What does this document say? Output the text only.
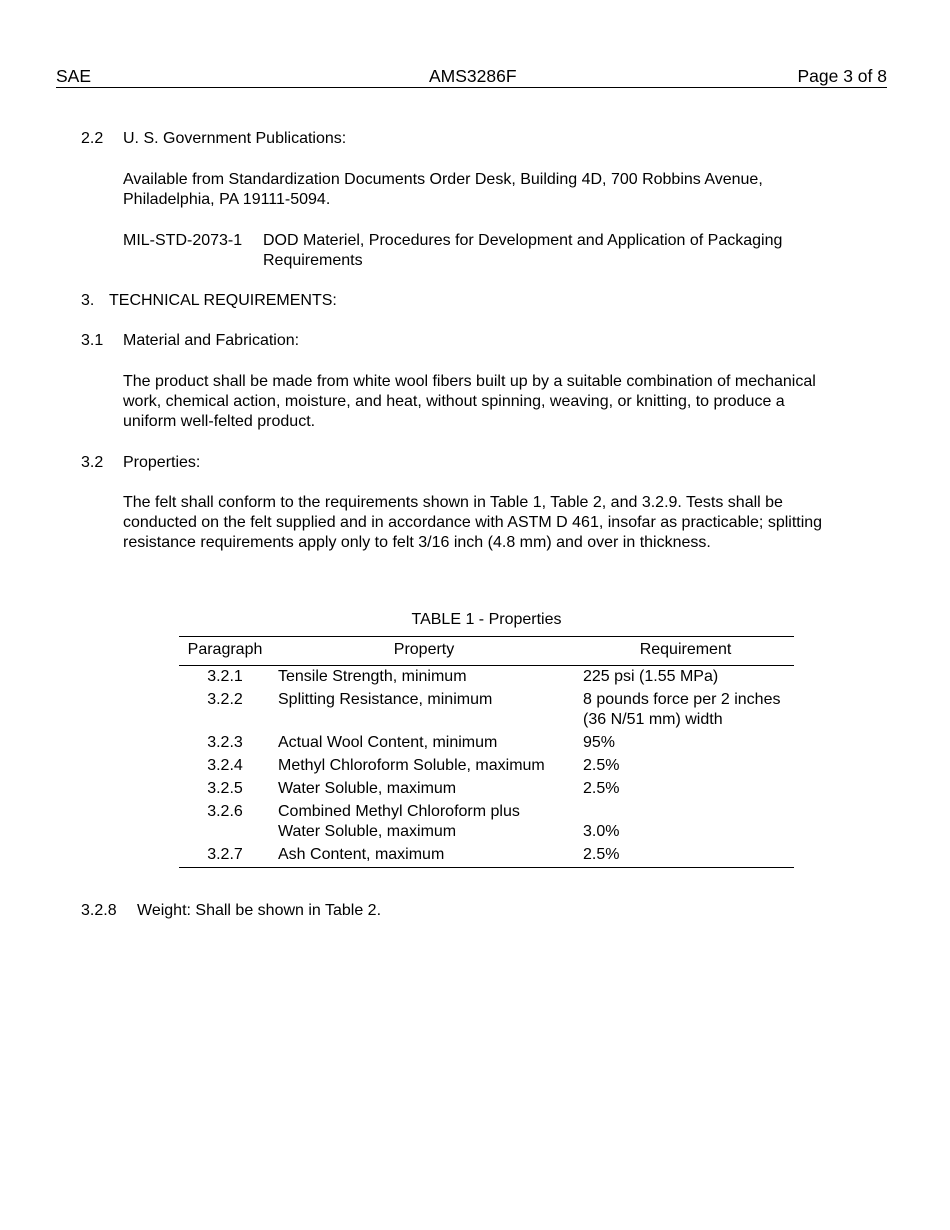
SAE	AMS3286F	Page 3 of 8
2.2 U. S. Government Publications:
Available from Standardization Documents Order Desk, Building 4D, 700 Robbins Avenue,
Philadelphia, PA 19111-5094.
MIL-STD-2073-1 DOD Materiel, Procedures for Development and Application of Packaging
Requirements
3. TECHNICAL REQUIREMENTS:
3.1 Material and Fabrication:
The product shall be made from white wool fibers built up by a suitable combination of mechanical
work, chemical action, moisture, and heat, without spinning, weaving, or knitting, to produce a
uniform well-felted product.
3.2 Properties:
The felt shall conform to the requirements shown in Table 1, Table 2, and 3.2.9. Tests shall be
conducted on the felt supplied and in accordance with ASTM D 461, insofar as practicable; splitting
resistance requirements apply only to felt 3/16 inch (4.8 mm) and over in thickness.
TABLE 1 - Properties
Paragraph	Property	Requirement
3.2.1	Tensile Strength, minimum	225 psi (1.55 MPa)
3.2.2	Splitting Resistance, minimum	8 pounds force per 2 inches
(36 N/51 mm) width

3.2.3	Actual Wool Content, minimum	95%
3.2.4	Methyl Chloroform Soluble, maximum	2.5%
3.2.5	Water Soluble, maximum	2.5%
3.2.6	Combined Methyl Chloroform plus
Water Soluble, maximum	3.0%
3.2.7	Ash Content, maximum	2.5%
3.2.8 Weight: Shall be shown in Table 2.
